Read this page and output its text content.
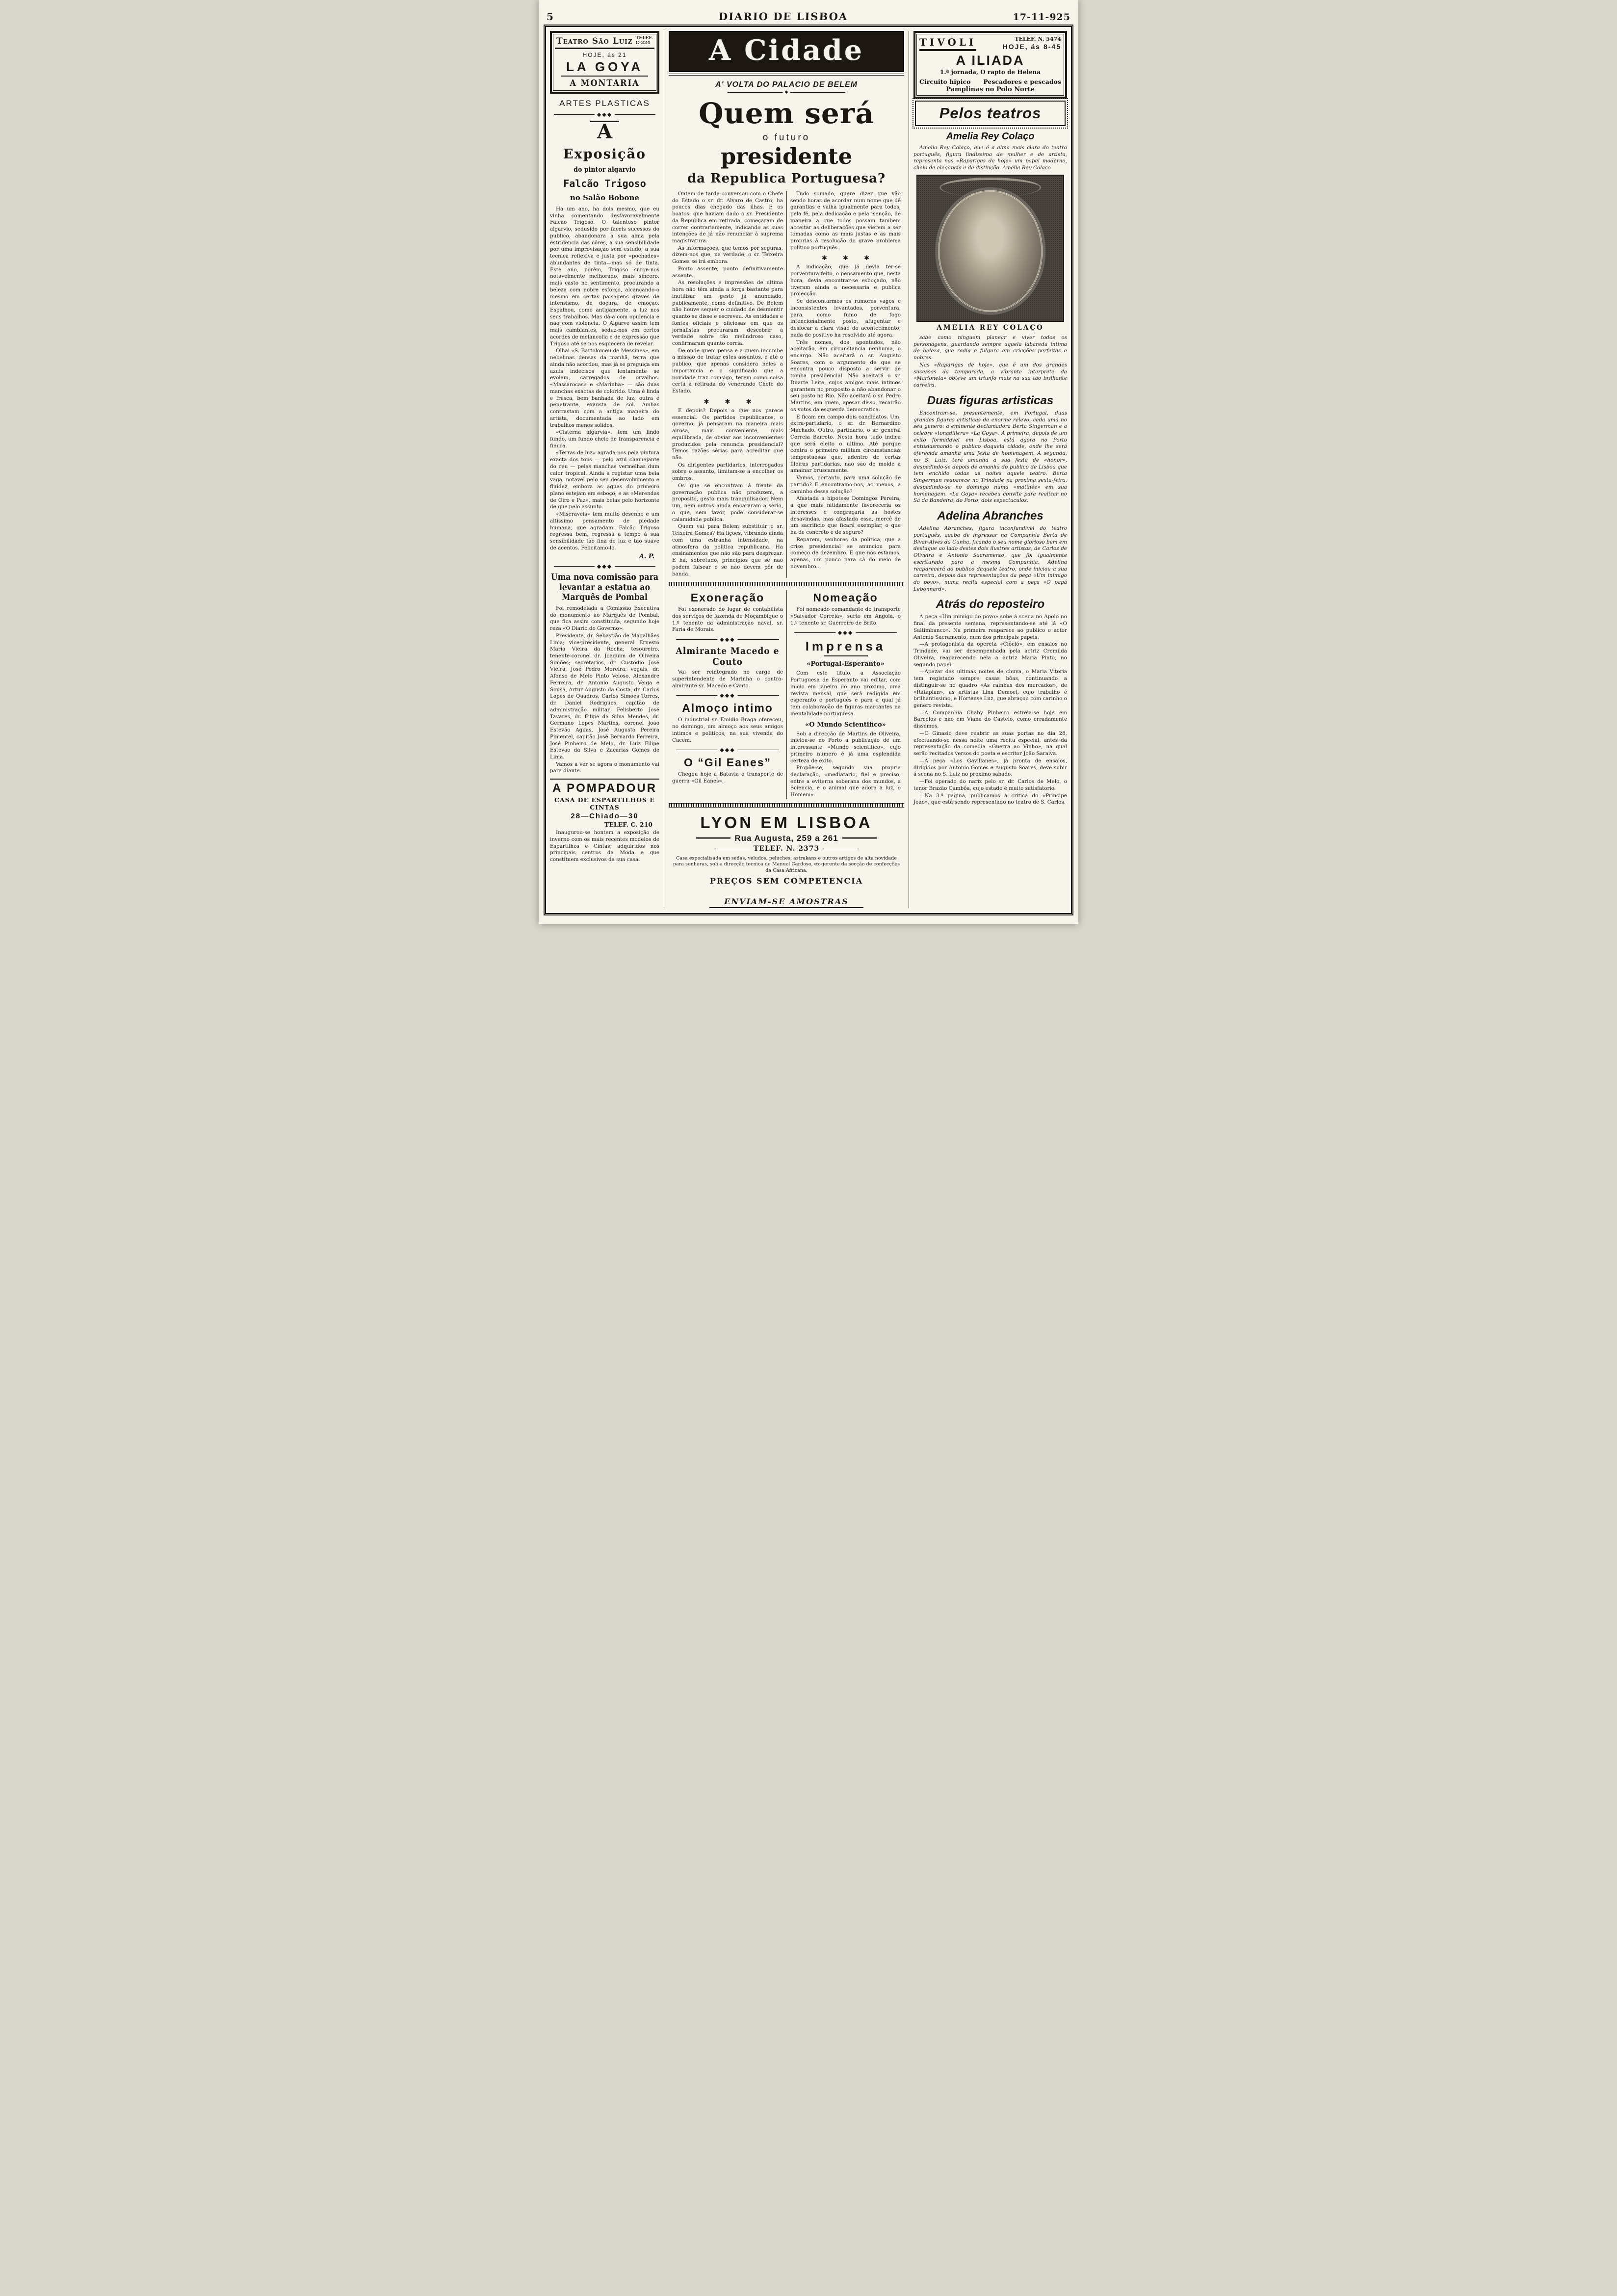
5	DIARIO DE LISBOA	17-11-925
Teatro São Luiz TELEF.
C-224
HOJE, ás 21
LA GOYA
A MONTARIA
ARTES PLASTICAS
◆◆◆
A
Exposição
do pintor algarvio
Falcão Trigoso
no Salão Bobone

Ha um ano, ha dois mesmo, que eu vinha comentando desfavoravelmente Falcão Trigoso. O talentoso pintor algarvio, sedusido por faceis sucessos do publico, abandonara a sua alma pela estridencia das côres, a sua sensibilidade por uma improvisação sem estudo, a sua tecnica reflexiva e justa por «pochades» abundantes de tinta—mas só de tinta. Este ano, porém, Trigoso surge-nos notavelmente melhorado, mais sincero, mais casto no sentimento, procurando a beleza com nobre esforço, alcançando-o mesmo em certas paisagens graves de intensismo, de doçura, de emoção. Espalhou, como antigamente, a luz nos seus trabalhos. Mas dá-a com opulencia e não com violencia. O Algarve assim tem mais cambiantes, seduz-nos em certos acordes de melancolia e de expressão que Trigoso até se nos esquecera de revelar.

Olhai «S. Bartolomeu de Messines», em nebelinas densas da manhã, terra que ainda não acordou, mas já se preguiça em azuis indecisos que lentamente se evolam, carregados de orvalhos. «Massarocas» e «Marinha» — são duas manchas exactas de colorido. Uma é linda e fresca, bem banhada de luz; outra é penetrante, exausta de sol. Ambas contrastam com a antiga maneira do artista, documentada ao lado em trabalhos menos solidos.

«Cisterna algarvia», tem um lindo fundo, um fundo cheio de transparencia e finura.

«Terras de luz» agrada-nos pela pintura exacta dos tons — pelo azul chamejante do ceu — pelas manchas vermelhas dum calor tropical. Ainda a registar uma bela vaga, notavel pelo seu desenvolvimento e fluidez, embora as aguas do primeiro plano estejam em esboço; e as «Merendas de Oiro e Paz», mais belas pelo horizonte de que pelo assunto.

«Miseraveis» tem muito desenho e um altissimo pensamento de piedade humana, que agradam. Falcão Trigoso regressa bem, regressa a tempo á sua sensibilidade tão fina de luz e tão suave de acentos. Felicitamo-lo.

A. P.
◆◆◆
Uma nova comissão para levantar a estatua ao Marquês de Pombal

Foi remodelada a Comissão Executiva do monumento ao Marquês de Pombal, que fica assim constituida, segundo hoje reza «O Diario do Governo»:

Presidente, dr. Sebastião de Magalhães Lima; vice-presidente, general Ernesto Maria Vieira da Rocha; tesoureiro, tenente-coronel dr. Joaquim de Oliveira Simões; secretarios, dr. Custodio José Vieira, José Pedro Moreira; vogais, dr. Afonso de Melo Pinto Veloso, Alexandre Ferreira, dr. Antonio Augusto Veiga e Sousa, Artur Augusto da Costa, dr. Carlos Lopes de Quadros, Carlos Simões Torres, dr. Daniel Rodrigues, capitão de administração militar, Felisberto José Tavares, dr. Filipe da Silva Mendes, dr. Germano Lopes Martins, coronel João Estevão Aguas, José Augusto Pereira Pimentel, capitão José Bernardo Ferreira, José Pinheiro de Melo, dr. Luiz Filipe Estevão da Silva e Zacarias Gomes de Lima.

Vamos a ver se agora o monumento vai para diante.

A POMPADOUR
CASA DE ESPARTILHOS E CINTAS
28—Chiado—30
TELEF. C. 210

Inaugurou-se hontem a exposição de inverno com os mais recentes modelos de Espartilhos e Cintas, adquiridos nos principais centros da Moda e que constituem exclusivos da sua casa.

A Cidade
A' VOLTA DO PALACIO DE BELEM
◆
Quem será
o futuro
presidente
da Republica Portuguesa?

Ontem de tarde conversou com o Chefe do Estado o sr. dr. Alvaro de Castro, ha poucos dias chegado das ilhas. E os boatos, que haviam dado o sr. Presidente da Republica em retirada, começaram de correr contrariamente, indicando as suas intenções de já não renunciar á suprema magistratura.

As informações, que temos por seguras, dizem-nos que, na verdade, o sr. Teixeira Gomes se irá embora.

Ponto assente, ponto definitivamente assente.

As resoluções e impressões de ultima hora não têm ainda a força bastante para inutilisar um gesto já anunciado, publicamente, como definitivo. De Belem não houve sequer o cuidado de desmentir quanto se disse e escreveu. As entidades e fontes oficiais e oficiosas em que os jornalistas procuraram descobrir a verdade sobre tão melindroso caso, confirmaram quanto corria.

De onde quem pensa e a quem incumbe a missão de tratar estes assuntos, e até o publico, que apenas considera neles a importancia e o significado que a novidade traz comsigo, terem como coisa certa a retirada do venerando Chefe do Estado.

✱ ✱ ✱

E depois? Depois o que nos parece essencial. Os partidos republicanos, o governo, já pensaram na maneira mais airosa, mais conveniente, mais equilibrada, de obviar aos inconvenientes produzidos pela renuncia presidencial? Temos razões sérias para acreditar que não.

Os dirigentes partidarios, interrogados sobre o assunto, limitam-se a encolher os ombros.

Os que se encontram á frente da governação publica não produzem, a proposito, gesto mais tranquilisador. Nem um, nem outros ainda encararam a serio, o que, sem favor, pode considerar-se calamidade publica.

Quem vai para Belem substituir o sr. Teixeira Gomes? Ha lições, vibrando ainda com uma estranha intensidade, na atmosfera da politica republicana. Ha ensinamentos que não são para desprezar. E ha, sobretudo, principios que se não podem falsear e se não devem pôr de banda.

Tudo somado, quere dizer que vão sendo horas de acordar num nome que dê garantias e valha igualmente para todos, pela fé, pela dedicação e pela isenção, de maneira a que todos possam tambem acceitar as deliberações que vierem a ser tomadas como as mais justas e as mais proprias á resolução do grave problema politico português.

✱ ✱ ✱

A indicação, que já devia ter-se porventura feito, o pensamento que, nesta hora, devia encontrar-se esboçado, não tiveram ainda a necessaria e publica projecção.

Se descontarmos os rumores vagos e inconsistentes levantados, porventura, para, como fumo de fogo intencionalmente posto, afugentar e deslocar a clara visão do acontecimento, nada de positivo ha resolvido até agora.

Três nomes, dos apontados, não aceitarão, em circunstancia nenhuma, o encargo. Não aceitará o sr. Augusto Soares, com o argumento de que se encontra pouco disposto a servir de tomba presidencial. Não aceitará o sr. Duarte Leite, cujos amigos mais intimos garantem no proposito a não abandonar o seu posto no Rio. Não aceitará o sr. Pedro Martins, em quem, apesar disso, recairão os votos da esquerda democratica.

E ficam em campo dois candidatos. Um, extra-partidario, o sr. dr. Bernardino Machado. Outro, partidario, o sr. general Correia Barreto. Nesta hora tudo indica que será eleito o ultimo. Até porque contra o primeiro militam circunstancias tempestuosas que, adentro de certas fileiras partidarias, não são de molde a amainar bruscamente.

Vamos, portanto, para uma solução de partido? E encontramo-nos, ao menos, a caminho dessa solução?

Afastada a hipotese Domingos Pereira, a que mais nitidamente favoreceria os interesses e congraçaria as hostes desavindas, mas afastada essa, mercê de um sacrificio que ficará exemplar, o que ha de concreto e de seguro?

Reparem, senhores da politica, que a crise presidencial se anunciou para começo de dezembro. E que nós estamos, apenas, um pouco para cá do meio de novembro...

Exoneração

Foi exonerado do lugar de contabilista dos serviços de fazenda de Moçambique o 1.º tenente da administração naval, sr. Faria de Morais.

◆◆◆
Almirante Macedo e Couto

Vai ser reintegrado no cargo de superintendente de Marinha o contra-almirante sr. Macedo e Canto.

◆◆◆
Almoço intimo

O industrial sr. Emidio Braga ofereceu, no domingo, um almoço aos seus amigos intimos e politicos, na sua vivenda do Cacem.

◆◆◆
O “Gil Eanes”

Chegou hoje a Batavia o transporte de guerra «Gil Eanes».

Nomeação

Foi nomeado comandante do transporte «Salvador Correia», surto em Angola, o 1.º tenente sr. Guerreiro de Brito.

◆◆◆
Imprensa
«Portugal-Esperanto»

Com este titulo, a Associação Portuguesa de Esperanto vai editar, com inicio em janeiro do ano proximo, uma revista mensal, que será redigida em esperanto e português e para a qual já tem colaboração de figuras marcantes na mentalidade portuguesa.

«O Mundo Scientifico»

Sob a direcção de Martins de Oliveira, iniciou-se no Porto a publicação de um interessante «Mundo scientifico», cujo primeiro numero é já uma esplendida certeza de exito.

Propõe-se, segundo sua propria declaração, «mediatario, fiel e preciso, entre a eviterna soberana dos mundos, a Sciencia, e o animal que adora a luz, o Homem».

LYON EM LISBOA
Rua Augusta, 259 a 261
TELEF. N. 2373
Casa especialisada em sedas, veludos, peluches, astrakans e outros artigos de alta novidade para senhoras, sob a direcção tecnica de Manuel Cardoso, ex-gerente da secção de confecções da Casa Africana.
PREÇOS SEM COMPETENCIA

ENVIAM-SE AMOSTRAS
TIVOLI	TELEF. N. 5474
HOJE, ás 8-45
A ILIADA
1.ª jornada, O rapto de Helena
Circuito hipico Pescadores e pescados
Pamplinas no Polo Norte
Pelos teatros
Amelia Rey Colaço

Amelia Rey Colaço, que é a alma mais clara do teatro português, figura lindissima de mulher e de artista, representa nas «Raparigas de hoje» um papel moderno, cheio de elegancia e de distinção. Amelia Rey Colaço

AMELIA REY COLAÇO

sabe como ninguem planear e viver todos os personagens, guardando sempre aquela labareda intima de beleza, que radia e fulgura em criações perfeitas e nobres.

Nas «Raparigas de hoje», que é um dos grandes sucessos da temporada, a vibrante interprete da «Marioneta» obteve um triunfo mais na sua tão brilhante carreira.

Duas figuras artisticas

Encontram-se, presentemente, em Portugal, duas grandes figuras artisticas de enorme relevo, cada uma no seu genero: a eminente declamadora Berta Singerman e a celebre «tonadillera» «La Goya». A primeira, depois de um exito formidavel em Lisboa, está agora no Porto entusiasmando o publico daquela cidade, onde lhe será oferecida amanhã uma festa de homenagem. A segunda, no S. Luiz, terá amanhã a sua festa de «honor», despedindo-se depois de amanhã do publico de Lisboa que tem enchido todas as noites aquele teatro. Berta Singerman reaparece no Trindade na proxima sexta-feira, despedindo-se no domingo numa «matinée» em sua homenagem. «La Goya» recebeu convite para realizar no Sá da Bandeira, do Porto, dois espectaculos.

Adelina Abranches

Adelina Abranches, figura inconfundivel do teatro português, acaba de ingressar na Companhia Berta de Bivar-Alves da Cunha, ficando o seu nome glorioso bem em destaque ao lado destes dois ilustres artistas, de Carlos de Oliveira e Antonio Sacramento, que foi igualmente escriturado para a mesma Companhia. Adelina reaparecerá ao publico daquele teatro, onde iniciou a sua carreira, depois das representações da peça «Um inimigo do povo», numa recita especial com a peça «O papá Lebonnard».

Atrás do reposteiro

A peça «Um inimigo do povo» sobe á scena no Apolo no final da presente semana, representando-se até lá «O Saltimbanco». Na primeira reaparece ao publico o actor Antonio Sacramento, num dos principais papeis.

—A protagonista da opereta «Clócló», em ensaios no Trindade, vai ser desempenhada pela actriz Cremilda Oliveira, reaparecendo nela a actriz Maria Pinto, no segundo papel.

—Apezar das ultimas noites de chuva, o Maria Vitoria tem registado sempre casas bôas, continuando a distinguir-se no quadro «As rainhas dos mercados», de «Rataplan», as artistas Lina Demoel, cujo trabalho é brilhantissimo, e Hortense Luz, que abraçou com carinho o genero revista.

—A Companhia Chaby Pinheiro estreia-se hoje em Barcelos e não em Viana do Castelo, como erradamente dissemos.

—O Ginasio deve reabrir as suas portas no dia 28, efectuando-se nessa noite uma recita especial, antes da representação da comedia «Guerra ao Vinho», na qual serão recitados versos do poeta e escritor João Saraiva.

—A peça «Los Gavillanes», já pronta de ensaios, dirigidos por Antonio Gomes e Augusto Soares, deve subir á scena no S. Luiz no proximo sabado.

—Foi operado do nariz pelo sr. dr. Carlos de Melo, o tenor Brazão Cambôa, cujo estado é muito satisfatorio.

—Na 3.ª pagina, publicamos a critica do «Principe João», que está sendo representado no teatro de S. Carlos.
